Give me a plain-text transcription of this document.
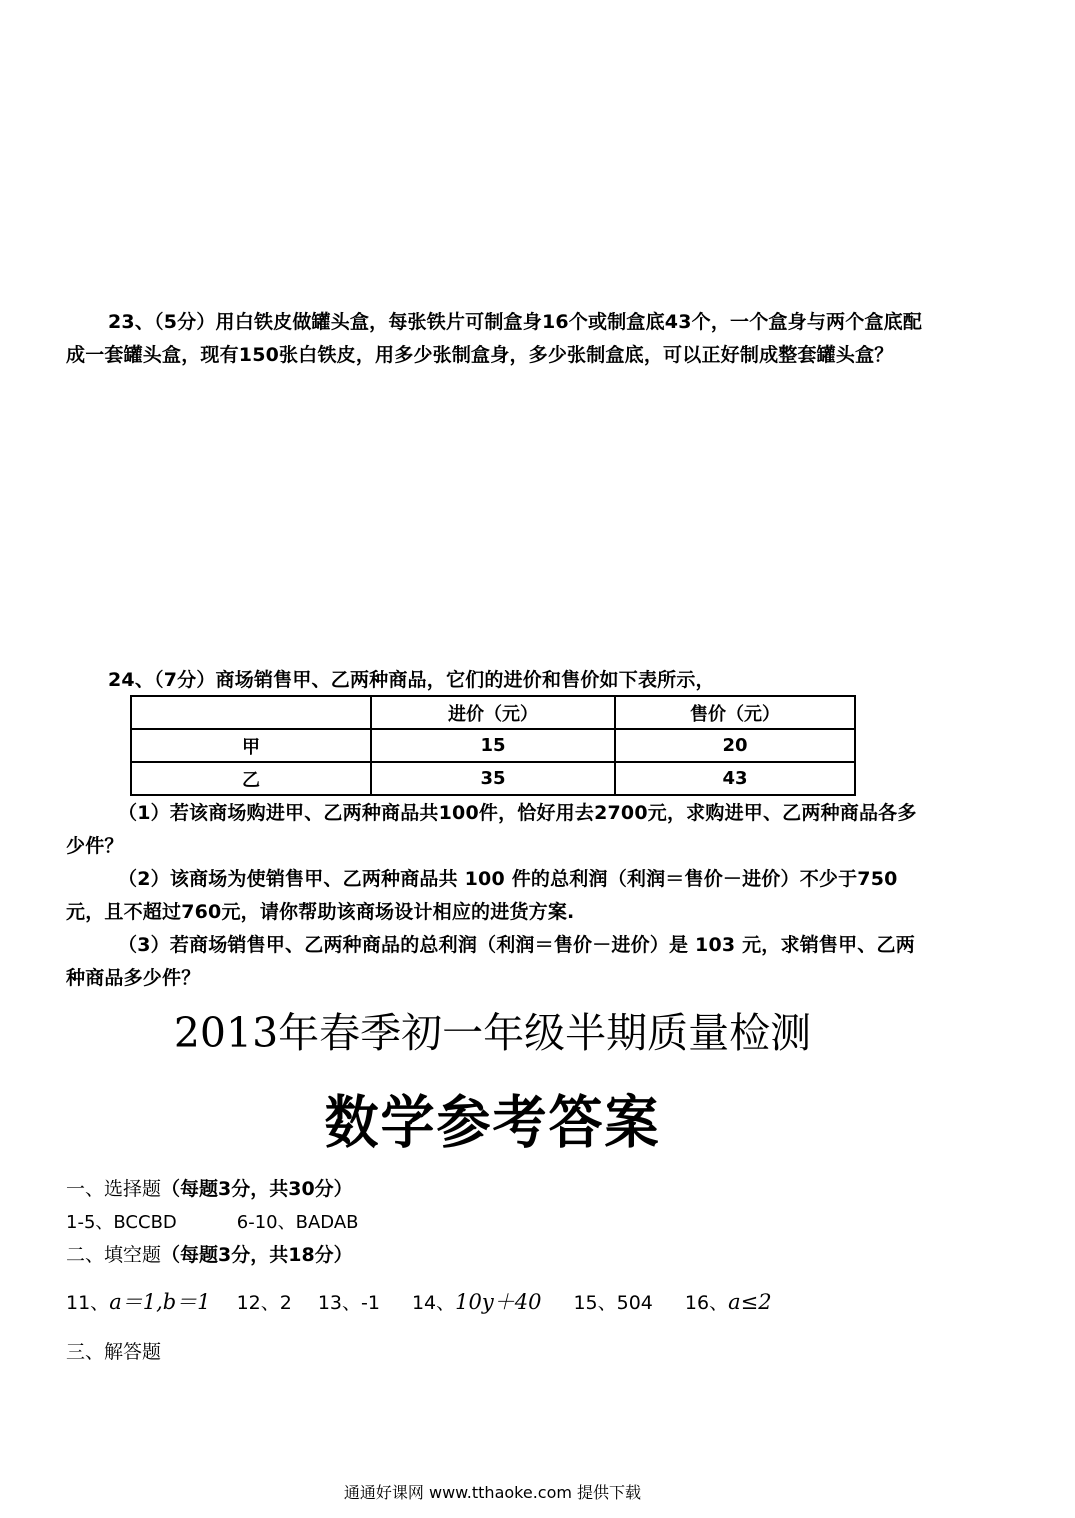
23、（5分）用白铁皮做罐头盒，每张铁片可制盒身16个或制盒底43个，一个盒身与两个盒底配成一套罐头盒，现有150张白铁皮，用多少张制盒身，多少张制盒底，可以正好制成整套罐头盒？

24、（7分）商场销售甲、乙两种商品，它们的进价和售价如下表所示，

	进价（元）	售价（元）
甲	15	20
乙	35	43

（1）若该商场购进甲、乙两种商品共100件，恰好用去2700元，求购进甲、乙两种商品各多少件？

（2）该商场为使销售甲、乙两种商品共 100 件的总利润（利润＝售价－进价）不少于750元，且不超过760元，请你帮助该商场设计相应的进货方案.

（3）若商场销售甲、乙两种商品的总利润（利润＝售价－进价）是 103 元，求销售甲、乙两种商品多少件？

2013年春季初一年级半期质量检测
数学参考答案
一、选择题（每题3分，共30分）
1-5、BCCBD	6-10、BADAB
二、填空题（每题3分，共18分）
11、a＝1,b＝1 12、2 13、-1 14、10y＋40 15、504 16、a≤2
三、解答题
通通好课网 www.tthaoke.com 提供下载
